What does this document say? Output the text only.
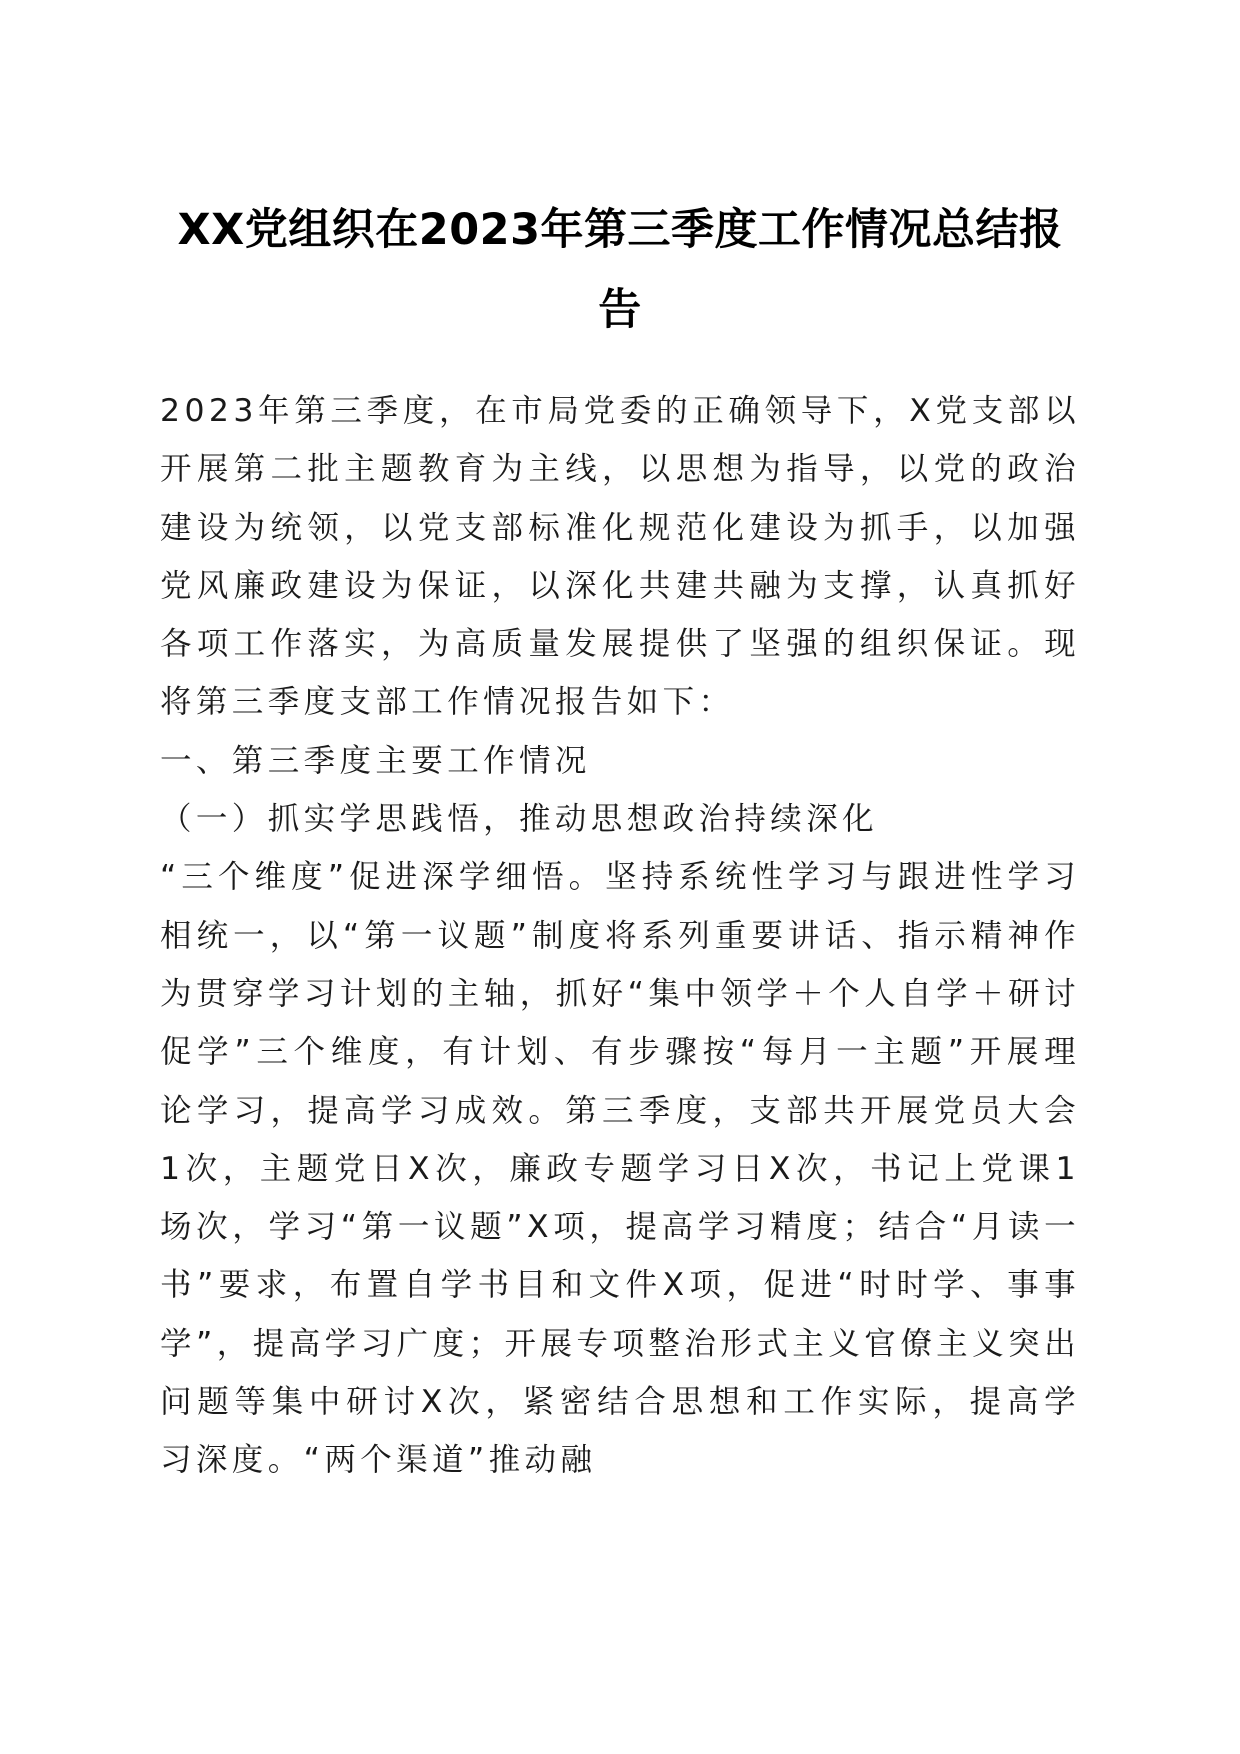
XX党组织在2023年第三季度工作情况总结报
告

2023年第三季度，在市局党委的正确领导下，X党支部以开展第二批主题教育为主线，以思想为指导，以党的政治建设为统领，以党支部标准化规范化建设为抓手，以加强党风廉政建设为保证，以深化共建共融为支撑，认真抓好各项工作落实，为高质量发展提供了坚强的组织保证。现将第三季度支部工作情况报告如下：

一、第三季度主要工作情况

（一）抓实学思践悟，推动思想政治持续深化

“三个维度”促进深学细悟。坚持系统性学习与跟进性学习相统一，以“第一议题”制度将系列重要讲话、指示精神作为贯穿学习计划的主轴，抓好“集中领学＋个人自学＋研讨促学”三个维度，有计划、有步骤按“每月一主题”开展理论学习，提高学习成效。第三季度，支部共开展党员大会1次，主题党日X次，廉政专题学习日X次，书记上党课1场次，学习“第一议题”X项，提高学习精度；结合“月读一书”要求，布置自学书目和文件X项，促进“时时学、事事学”，提高学习广度；开展专项整治形式主义官僚主义突出问题等集中研讨X次，紧密结合思想和工作实际，提高学习深度。“两个渠道”推动融
